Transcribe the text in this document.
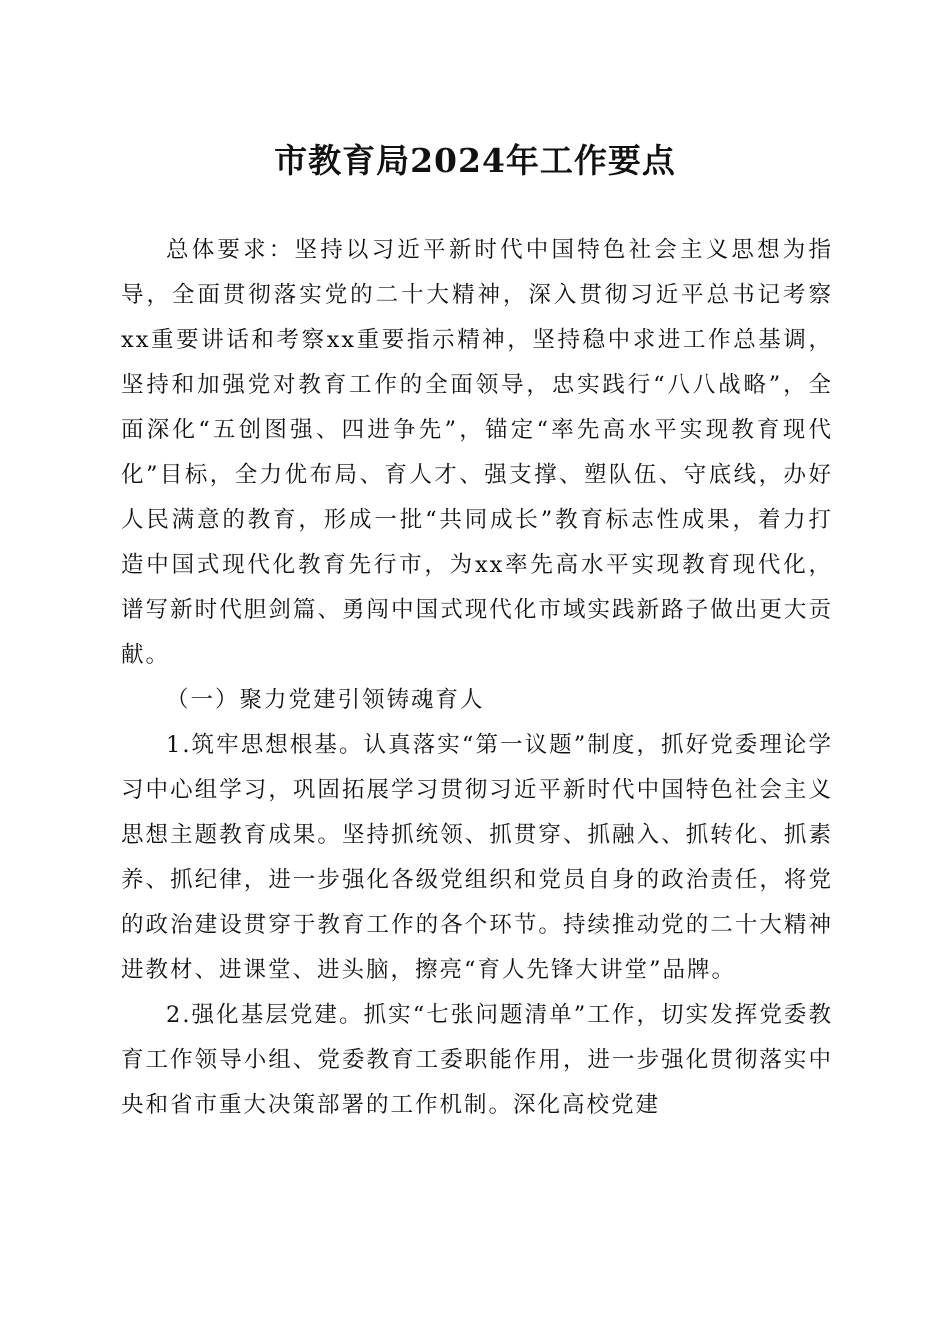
市教育局2024年工作要点

总体要求：坚持以习近平新时代中国特色社会主义思想为指导，全面贯彻落实党的二十大精神，深入贯彻习近平总书记考察xx重要讲话和考察xx重要指示精神，坚持稳中求进工作总基调，坚持和加强党对教育工作的全面领导，忠实践行“八八战略”，全面深化“五创图强、四进争先”，锚定“率先高水平实现教育现代化”目标，全力优布局、育人才、强支撑、塑队伍、守底线，办好人民满意的教育，形成一批“共同成长”教育标志性成果，着力打造中国式现代化教育先行市，为xx率先高水平实现教育现代化，谱写新时代胆剑篇、勇闯中国式现代化市域实践新路子做出更大贡献。

（一）聚力党建引领铸魂育人

1.筑牢思想根基。认真落实“第一议题”制度，抓好党委理论学习中心组学习，巩固拓展学习贯彻习近平新时代中国特色社会主义思想主题教育成果。坚持抓统领、抓贯穿、抓融入、抓转化、抓素养、抓纪律，进一步强化各级党组织和党员自身的政治责任，将党的政治建设贯穿于教育工作的各个环节。持续推动党的二十大精神进教材、进课堂、进头脑，擦亮“育人先锋大讲堂”品牌。

2.强化基层党建。抓实“七张问题清单”工作，切实发挥党委教育工作领导小组、党委教育工委职能作用，进一步强化贯彻落实中央和省市重大决策部署的工作机制。深化高校党建
